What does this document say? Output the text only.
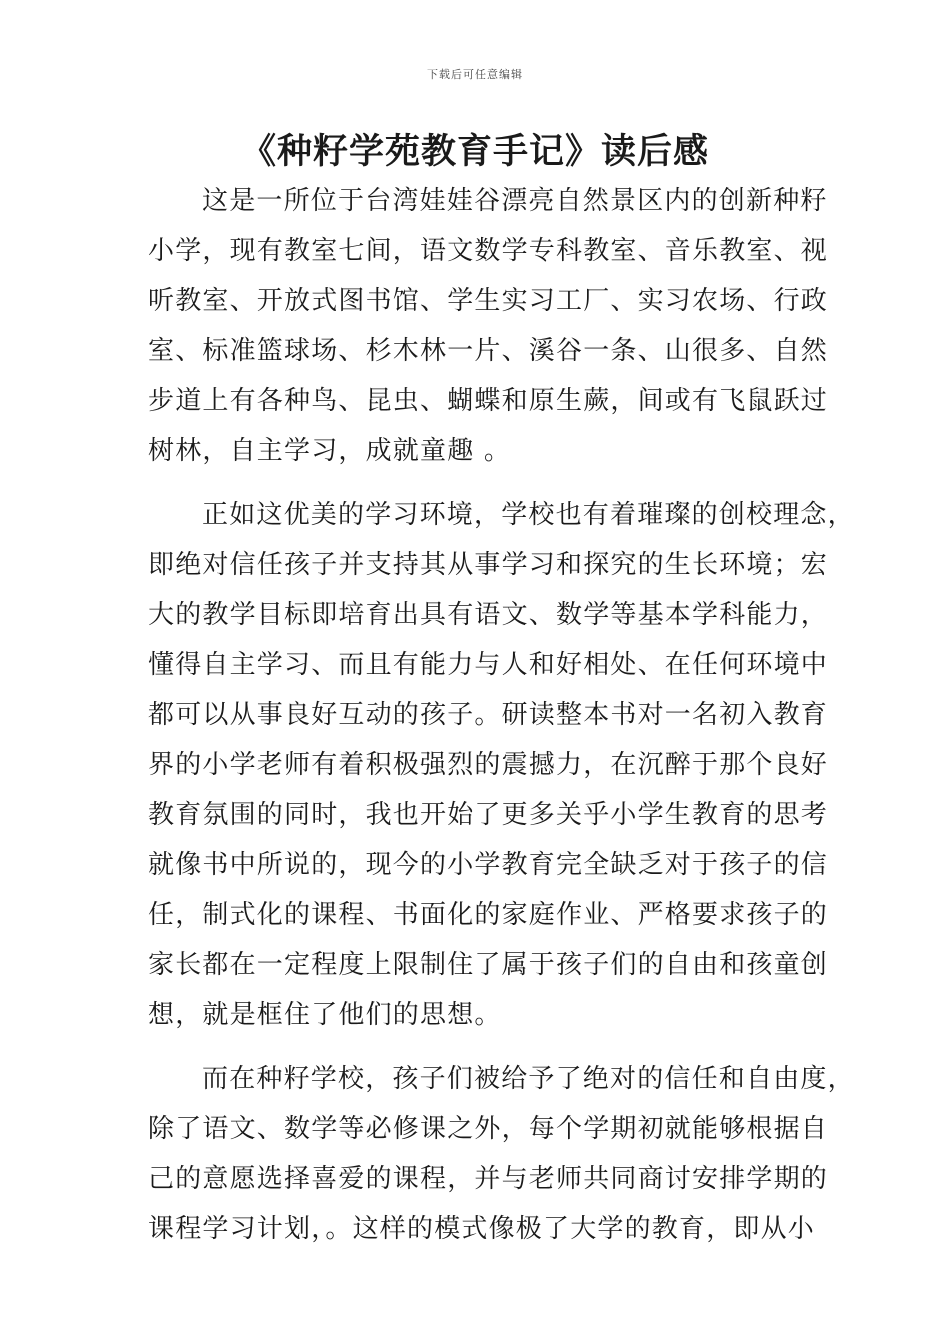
下载后可任意编辑
《种籽学苑教育手记》读后感
这是一所位于台湾娃娃谷漂亮自然景区内的创新种籽
小学，现有教室七间，语文数学专科教室、音乐教室、视
听教室、开放式图书馆、学生实习工厂、实习农场、行政
室、标准篮球场、杉木林一片、溪谷一条、山很多、自然
步道上有各种鸟、昆虫、蝴蝶和原生蕨，间或有飞鼠跃过
树林，自主学习，成就童趣 。
正如这优美的学习环境，学校也有着璀璨的创校理念，
即绝对信任孩子并支持其从事学习和探究的生长环境；宏
大的教学目标即培育出具有语文、数学等基本学科能力，
懂得自主学习、而且有能力与人和好相处、在任何环境中
都可以从事良好互动的孩子。研读整本书对一名初入教育
界的小学老师有着积极强烈的震撼力，在沉醉于那个良好
教育氛围的同时，我也开始了更多关乎小学生教育的思考
就像书中所说的，现今的小学教育完全缺乏对于孩子的信
任，制式化的课程、书面化的家庭作业、严格要求孩子的
家长都在一定程度上限制住了属于孩子们的自由和孩童创
想，就是框住了他们的思想。
而在种籽学校，孩子们被给予了绝对的信任和自由度，
除了语文、数学等必修课之外，每个学期初就能够根据自
己的意愿选择喜爱的课程，并与老师共同商讨安排学期的
课程学习计划，。这样的模式像极了大学的教育，即从小
